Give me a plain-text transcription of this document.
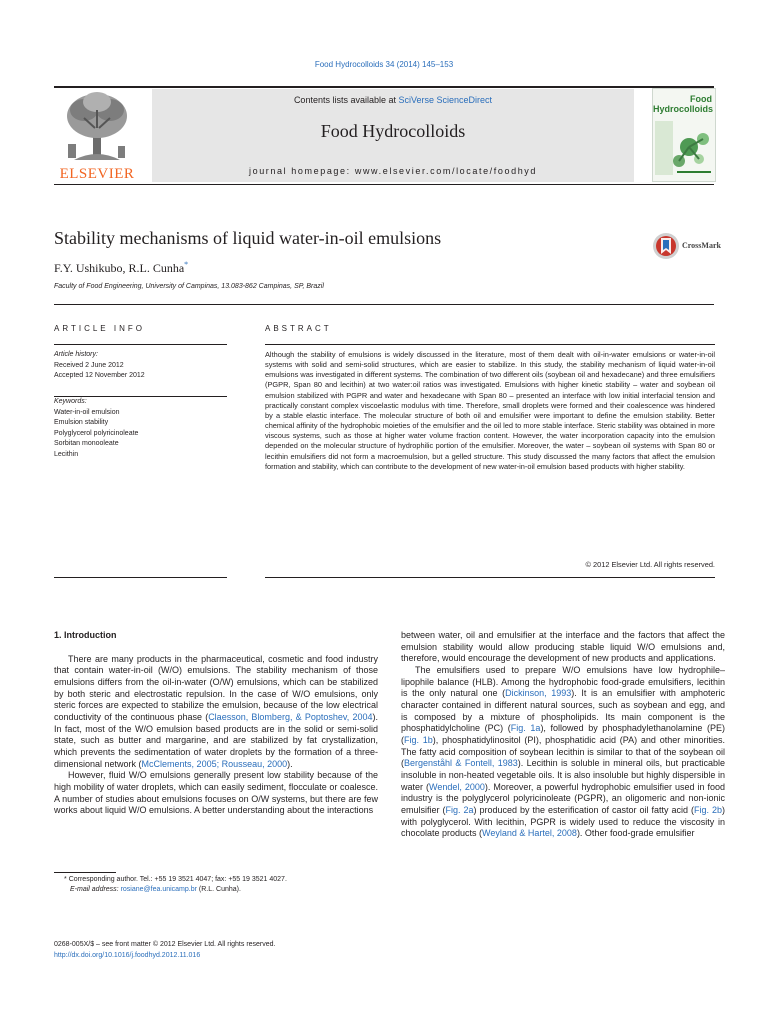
Food Hydrocolloids 34 (2014) 145–153
ELSEVIER
Contents lists available at SciVerse ScienceDirect
Food Hydrocolloids
journal homepage: www.elsevier.com/locate/foodhyd
Food
Hydrocolloids
Stability mechanisms of liquid water-in-oil emulsions
F.Y. Ushikubo, R.L. Cunha*
Faculty of Food Engineering, University of Campinas, 13.083-862 Campinas, SP, Brazil
CrossMark
ARTICLE INFO
Article history:
Received 2 June 2012
Accepted 12 November 2012
Keywords:
Water-in-oil emulsion
Emulsion stability
Polyglycerol polyricinoleate
Sorbitan monooleate
Lecithin
ABSTRACT
Although the stability of emulsions is widely discussed in the literature, most of them dealt with oil-in-water emulsions or water-in-oil systems with solid and semi-solid structures, which are easier to stabilize. In this study, the stability mechanism of liquid water-in-oil emulsions was investigated in different systems. The combination of two different oils (soybean oil and hexadecane) and three emulsifiers (PGPR, Span 80 and lecithin) at two water:oil ratios was investigated. Emulsions with higher kinetic stability – water and soybean oil emulsion stabilized with PGPR and water and hexadecane with Span 80 – presented an interface with low initial interfacial tension and practically constant complex viscoelastic modulus with time. Therefore, small droplets were formed and their coalescence was hindered by a stable elastic interface. The molecular structure of both oil and emulsifier were important to define the emulsion stability. Better chemical affinity of the hydrophobic moieties of the emulsifier and the oil led to more stable interface. Steric stability was obtained in more viscous systems, such as those at higher water volume fraction content. However, the water incorporation capacity into the emulsion depended on the molecular structure of hydrophilic portion of the emulsifier. Moreover, the water – soybean oil systems with Span 80 or lecithin emulsifiers did not form a macroemulsion, but a gelled structure. This study discussed the many factors that affect the emulsion formation and stability, which can contribute to the development of new water-in-oil emulsion based products with higher stability.
© 2012 Elsevier Ltd. All rights reserved.
1. Introduction

There are many products in the pharmaceutical, cosmetic and food industry that contain water-in-oil (W/O) emulsions. The stability mechanism of those emulsions differs from the oil-in-water (O/W) emulsions, which can be stabilized by both steric and electrostatic repulsion. In the case of W/O emulsions, only steric forces are expected to stabilize the emulsion, because of the low electrical conductivity of the continuous phase (Claesson, Blomberg, & Poptoshev, 2004). In fact, most of the W/O emulsion based products are in the solid or semi-solid state, such as butter and margarine, and are stabilized by fat crystallization, which prevents the sedimentation of water droplets by the formation of a three-dimensional network (McClements, 2005; Rousseau, 2000).

However, fluid W/O emulsions generally present low stability because of the high mobility of water droplets, which can easily sediment, flocculate or coalesce. A number of studies about emulsions focuses on O/W systems, but there are few works about liquid W/O emulsions. A better understanding about the interactions

between water, oil and emulsifier at the interface and the factors that affect the emulsion stability would allow producing stable liquid W/O emulsions and, therefore, would encourage the development of new products and applications.

The emulsifiers used to prepare W/O emulsions have low hydrophile–lipophile balance (HLB). Among the hydrophobic food-grade emulsifiers, lecithin is the only natural one (Dickinson, 1993). It is an emulsifier with amphoteric character contained in different natural sources, such as soybean and egg, and is composed by a mixture of phospholipids. Its main component is the phosphatidylcholine (PC) (Fig. 1a), followed by phosphadylethanolamine (PE) (Fig. 1b), phosphatidylinositol (PI), phosphatidic acid (PA) and other minorities. The fatty acid composition of soybean lecithin is similar to that of the soybean oil (Bergenståhl & Fontell, 1983). Lecithin is soluble in mineral oils, but practicable insoluble in non-heated vegetable oils. It is also insoluble but highly dispersible in water (Wendel, 2000). Moreover, a powerful hydrophobic emulsifier used in food industry is the polyglycerol polyricinoleate (PGPR), an oligomeric and non-ionic emulsifier (Fig. 2a) produced by the esterification of castor oil fatty acid (Fig. 2b) with polyglycerol. With lecithin, PGPR is widely used to reduce the viscosity in chocolate products (Weyland & Hartel, 2008). Other food-grade emulsifier

* Corresponding author. Tel.: +55 19 3521 4047; fax: +55 19 3521 4027.
E-mail address: rosiane@fea.unicamp.br (R.L. Cunha).
0268-005X/$ – see front matter © 2012 Elsevier Ltd. All rights reserved.
http://dx.doi.org/10.1016/j.foodhyd.2012.11.016
